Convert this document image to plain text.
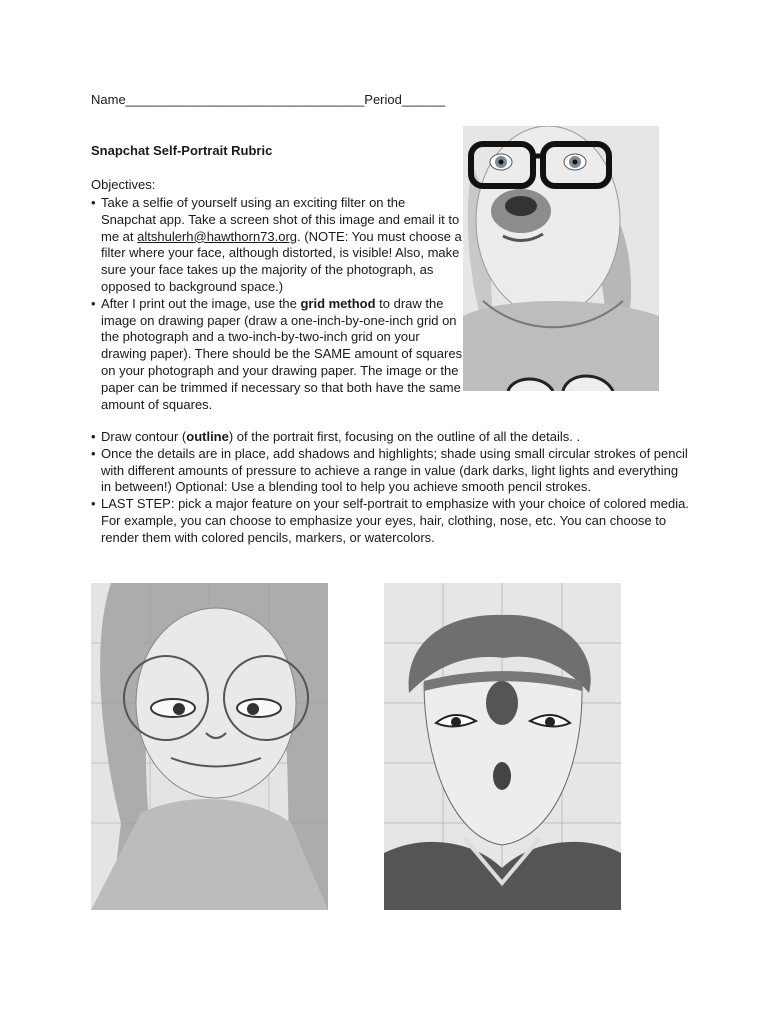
Name_________________________________Period______
Snapchat Self-Portrait Rubric
Objectives:
• Take a selfie of yourself using an exciting filter on the Snapchat app. Take a screen shot of this image and email it to me at altshulerh@hawthorn73.org. (NOTE: You must choose a filter where your face, although distorted, is visible! Also, make sure your face takes up the majority of the photograph, as opposed to background space.)

• After I print out the image, use the grid method to draw the image on drawing paper (draw a one-inch-by-one-inch grid on the photograph and a two-inch-by-two-inch grid on your drawing paper). There should be the SAME amount of squares on your photograph and your drawing paper. The image or the paper can be trimmed if necessary so that both have the same amount of squares.

• Draw contour (outline) of the portrait first, focusing on the outline of all the details. .

• Once the details are in place, add shadows and highlights; shade using small circular strokes of pencil with different amounts of pressure to achieve a range in value (dark darks, light lights and everything in between!) Optional: Use a blending tool to help you achieve smooth pencil strokes.

• LAST STEP: pick a major feature on your self-portrait to emphasize with your choice of colored media. For example, you can choose to emphasize your eyes, hair, clothing, nose, etc. You can choose to render them with colored pencils, markers, or watercolors.
